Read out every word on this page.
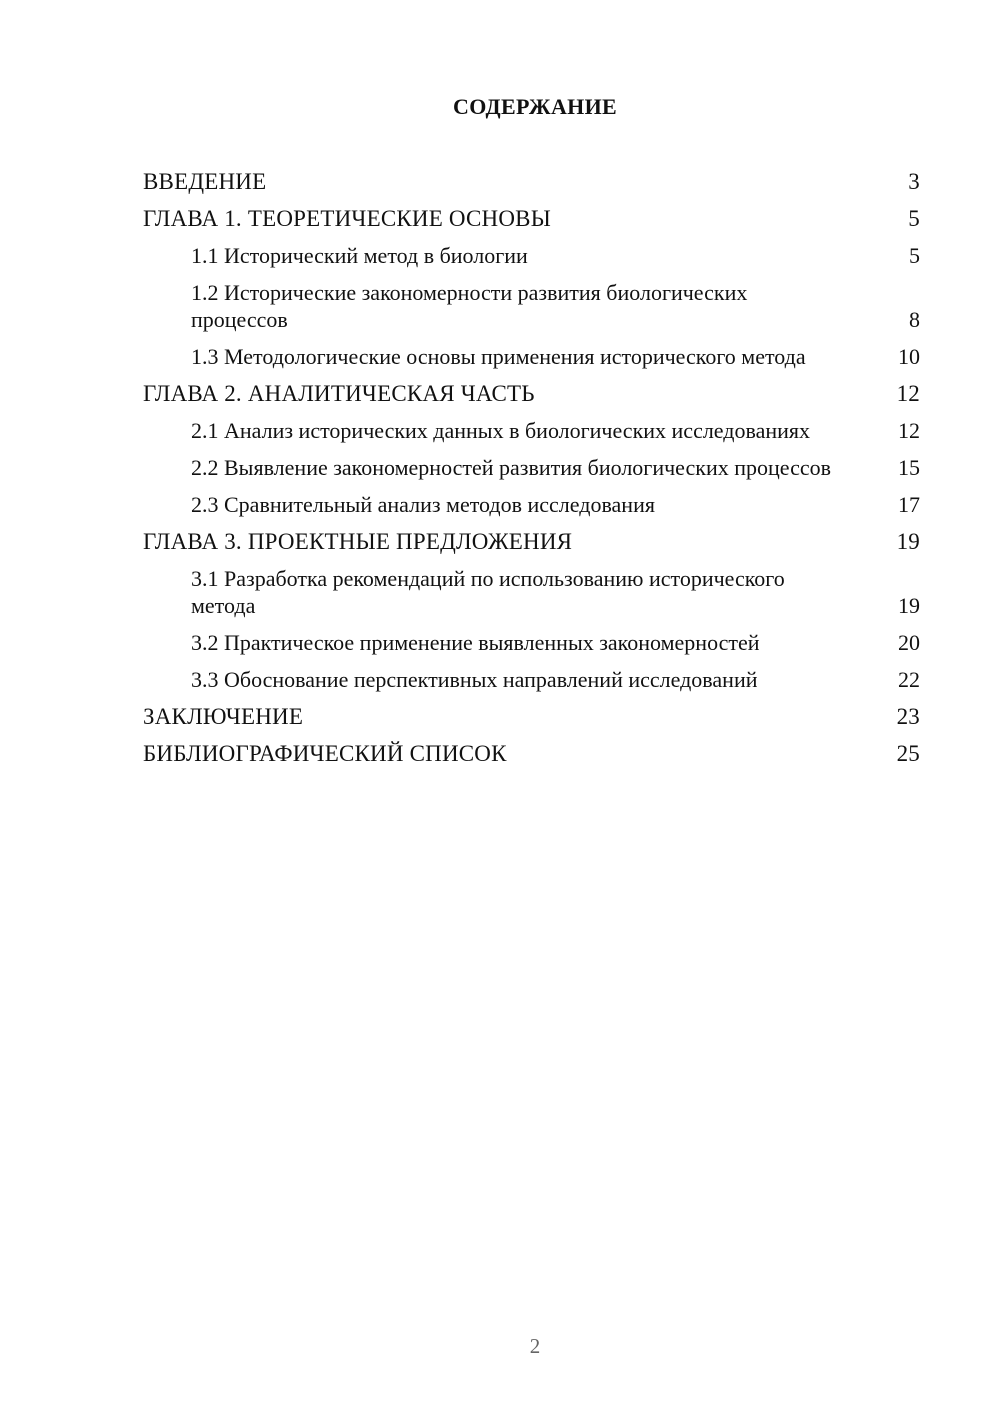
СОДЕРЖАНИЕ
ВВЕДЕНИЕ	3
ГЛАВА 1. ТЕОРЕТИЧЕСКИЕ ОСНОВЫ	5
1.1 Исторический метод в биологии	5
1.2 Исторические закономерности развития биологических процессов	8
1.3 Методологические основы применения исторического метода	10
ГЛАВА 2. АНАЛИТИЧЕСКАЯ ЧАСТЬ	12
2.1 Анализ исторических данных в биологических исследованиях	12
2.2 Выявление закономерностей развития биологических процессов	15
2.3 Сравнительный анализ методов исследования	17
ГЛАВА 3. ПРОЕКТНЫЕ ПРЕДЛОЖЕНИЯ	19
3.1 Разработка рекомендаций по использованию исторического метода	19
3.2 Практическое применение выявленных закономерностей	20
3.3 Обоснование перспективных направлений исследований	22
ЗАКЛЮЧЕНИЕ	23
БИБЛИОГРАФИЧЕСКИЙ СПИСОК	25
2
